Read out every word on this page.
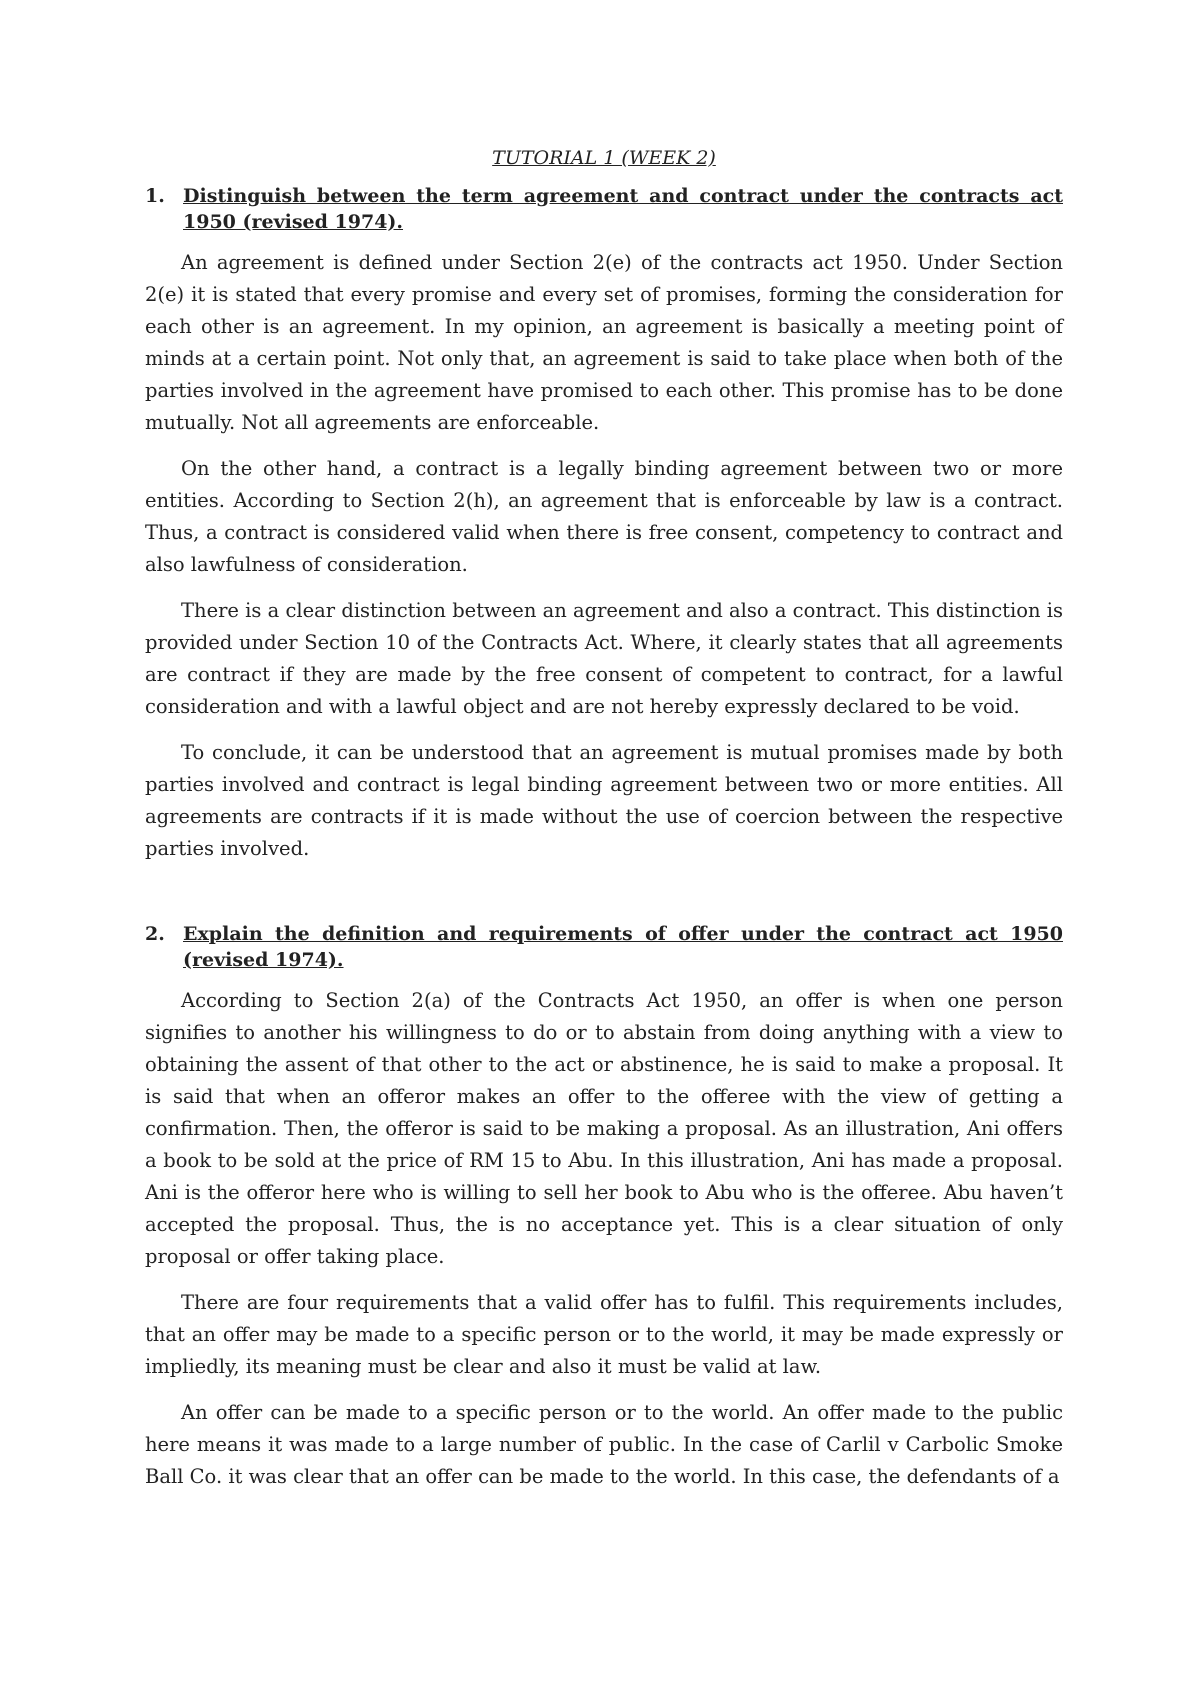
TUTORIAL 1 (WEEK 2)
1. Distinguish between the term agreement and contract under the contracts act 1950 (revised 1974).

An agreement is defined under Section 2(e) of the contracts act 1950. Under Section 2(e) it is stated that every promise and every set of promises, forming the consideration for each other is an agreement. In my opinion, an agreement is basically a meeting point of minds at a certain point. Not only that, an agreement is said to take place when both of the parties involved in the agreement have promised to each other. This promise has to be done mutually. Not all agreements are enforceable.

On the other hand, a contract is a legally binding agreement between two or more entities. According to Section 2(h), an agreement that is enforceable by law is a contract. Thus, a contract is considered valid when there is free consent, competency to contract and also lawfulness of consideration.

There is a clear distinction between an agreement and also a contract. This distinction is provided under Section 10 of the Contracts Act. Where, it clearly states that all agreements are contract if they are made by the free consent of competent to contract, for a lawful consideration and with a lawful object and are not hereby expressly declared to be void.

To conclude, it can be understood that an agreement is mutual promises made by both parties involved and contract is legal binding agreement between two or more entities. All agreements are contracts if it is made without the use of coercion between the respective parties involved.

2. Explain the definition and requirements of offer under the contract act 1950 (revised 1974).

According to Section 2(a) of the Contracts Act 1950, an offer is when one person signifies to another his willingness to do or to abstain from doing anything with a view to obtaining the assent of that other to the act or abstinence, he is said to make a proposal. It is said that when an offeror makes an offer to the offeree with the view of getting a confirmation. Then, the offeror is said to be making a proposal. As an illustration, Ani offers a book to be sold at the price of RM 15 to Abu. In this illustration, Ani has made a proposal. Ani is the offeror here who is willing to sell her book to Abu who is the offeree. Abu haven’t accepted the proposal. Thus, the is no acceptance yet. This is a clear situation of only proposal or offer taking place.

There are four requirements that a valid offer has to fulfil. This requirements includes, that an offer may be made to a specific person or to the world, it may be made expressly or impliedly, its meaning must be clear and also it must be valid at law.

An offer can be made to a specific person or to the world. An offer made to the public here means it was made to a large number of public. In the case of Carlil v Carbolic Smoke Ball Co. it was clear that an offer can be made to the world. In this case, the defendants of a
